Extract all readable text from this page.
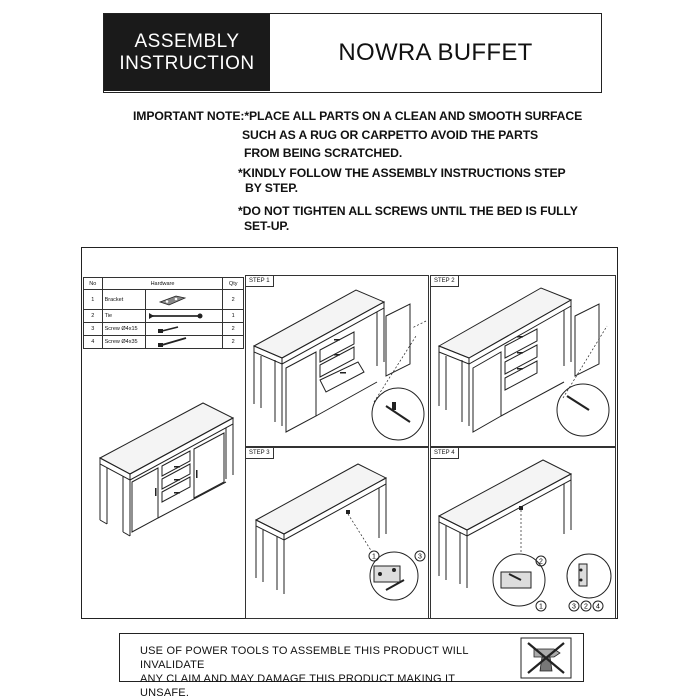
ASSEMBLY
INSTRUCTION	NOWRA BUFFET
IMPORTANT NOTE:*PLACE ALL PARTS ON A CLEAN AND SMOOTH SURFACE
SUCH AS A RUG OR CARPETTO AVOID THE PARTS
FROM BEING SCRATCHED.
*KINDLY FOLLOW THE ASSEMBLY INSTRUCTIONS STEP
BY STEP.
*DO NOT TIGHTEN ALL SCREWS UNTIL THE BED IS FULLY
SET-UP.
No	Hardware		Qty
1	Bracket		2
2	Tie		1
3	Screw Ø4x15		2
4	Screw Ø4x35		2
STEP 1	STEP 2
STEP 3
1	3
STEP 4
2
1	3 2 4
USE OF POWER TOOLS TO ASSEMBLE THIS PRODUCT WILL INVALIDATE
ANY CLAIM AND MAY DAMAGE THIS PRODUCT MAKING IT UNSAFE.
